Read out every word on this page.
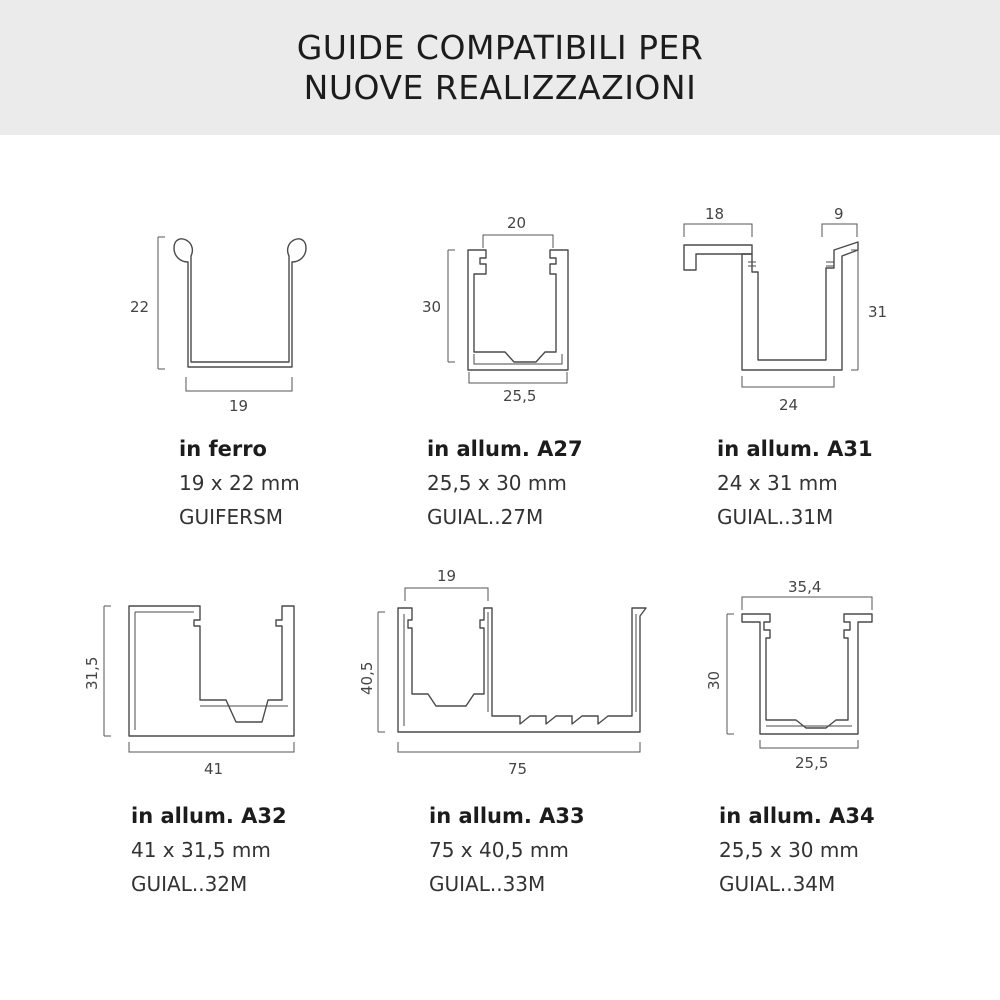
GUIDE COMPATIBILI PER
NUOVE REALIZZAZIONI
22
19
20
30
25,5
18	9
31
24
31,5
41
19
40,5
75
35,4
30
25,5
in ferro
19 x 22 mm
GUIFERSM
in allum. A27
25,5 x 30 mm
GUIAL..27M
in allum. A31
24 x 31 mm
GUIAL..31M
in allum. A32
41 x 31,5 mm
GUIAL..32M
in allum. A33
75 x 40,5 mm
GUIAL..33M
in allum. A34
25,5 x 30 mm
GUIAL..34M
